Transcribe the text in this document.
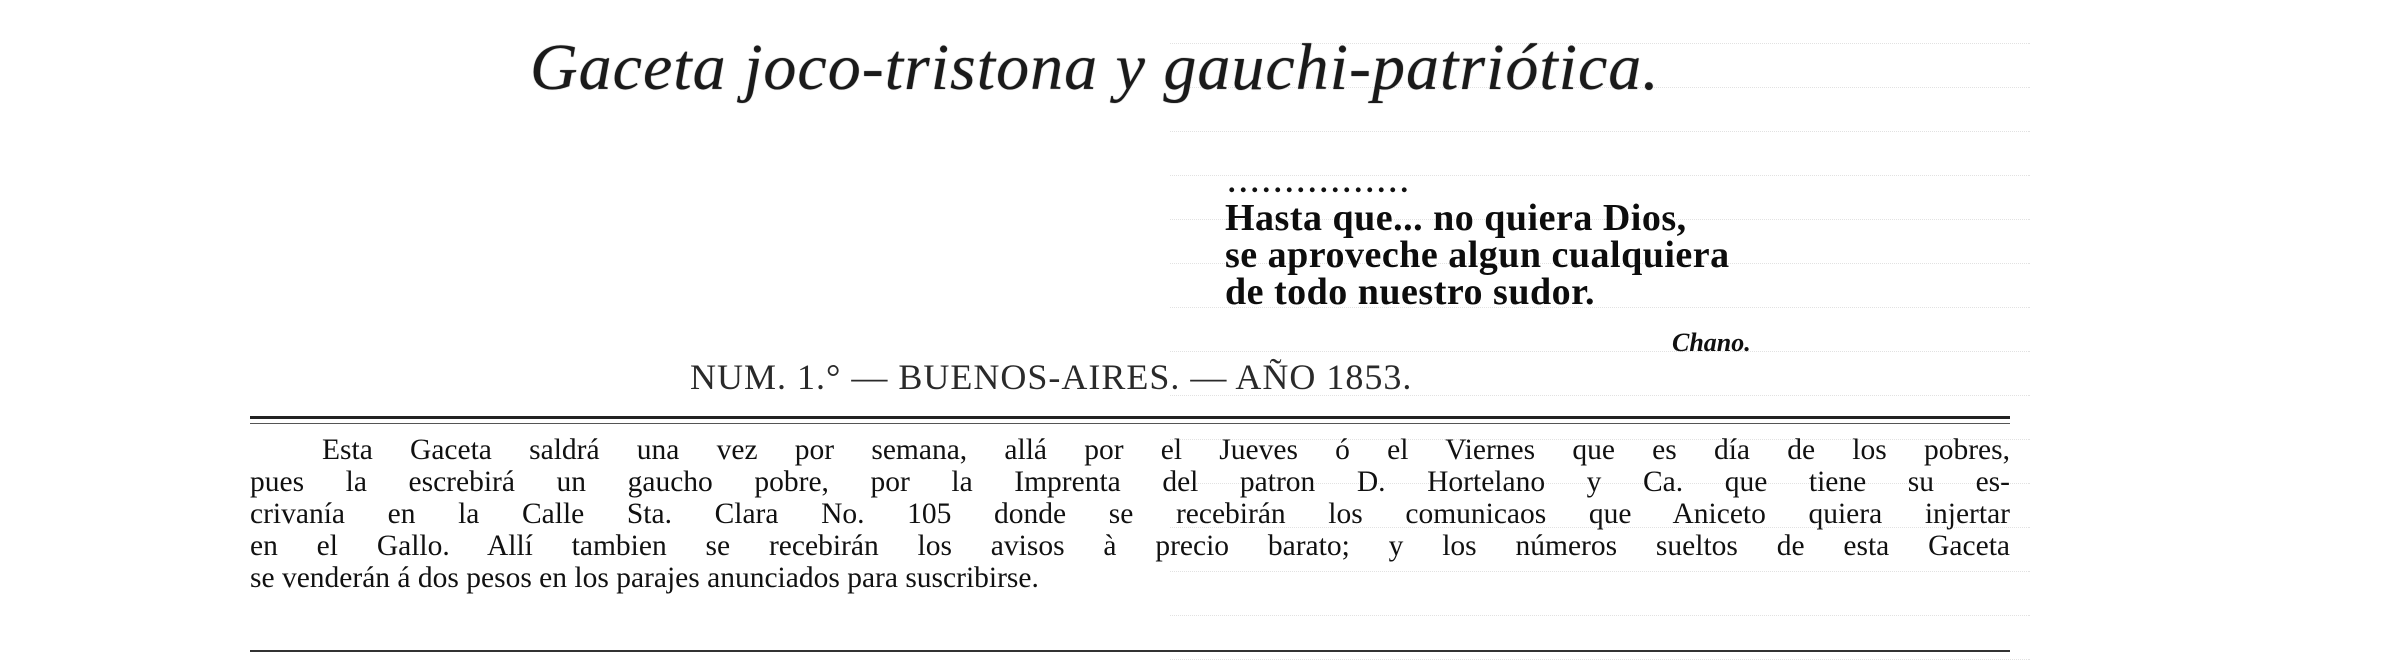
Gaceta joco-tristona y gauchi-patriótica.
................
Hasta que... no quiera Dios,
se aproveche algun cualquiera
de todo nuestro sudor.
Chano.
NUM. 1.° — BUENOS-AIRES. — AÑO 1853.
Esta Gaceta saldrá una vez por semana, allá por el Jueves ó el Viernes que es día de los pobres,
pues la escrebirá un gaucho pobre, por la Imprenta del patron D. Hortelano y Ca. que tiene su es-
crivanía en la Calle Sta. Clara No. 105 donde se recebirán los comunicaos que Aniceto quiera injertar
en el Gallo. Allí tambien se recebirán los avisos à precio barato; y los números sueltos de esta Gaceta
se venderán á dos pesos en los parajes anunciados para suscribirse.
